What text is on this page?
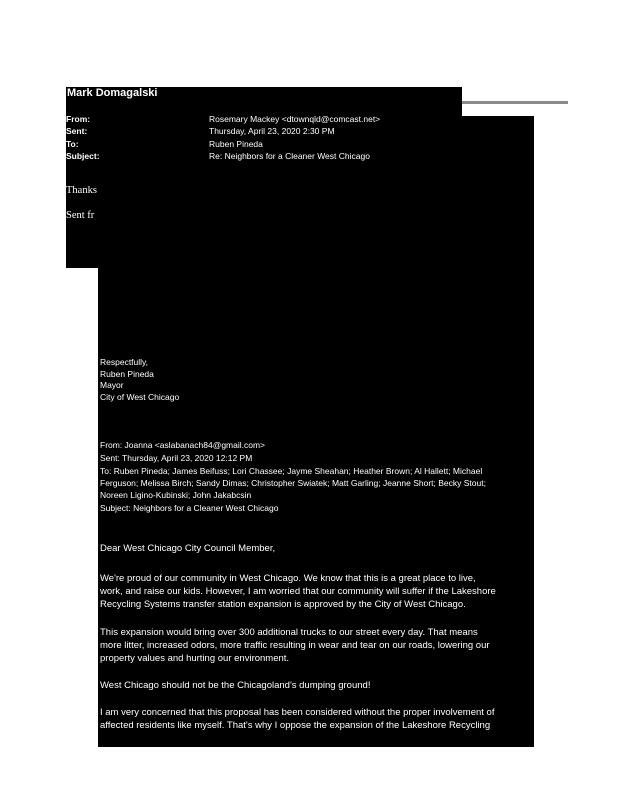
Mark Domagalski
From:	Rosemary Mackey <dtownqld@comcast.net>
Sent:	Thursday, April 23, 2020 2:30 PM
To:	Ruben Pineda
Subject:	Re: Neighbors for a Cleaner West Chicago
Thanks
Sent fr
Respectfully,
Ruben Pineda
Mayor
City of West Chicago
From: Joanna <aslabanach84@gmail.com>
Sent: Thursday, April 23, 2020 12:12 PM
To: Ruben Pineda; James Beifuss; Lori Chassee; Jayme Sheahan; Heather Brown; Al Hallett; Michael
Ferguson; Melissa Birch; Sandy Dimas; Christopher Swiatek; Matt Garling; Jeanne Short; Becky Stout;
Noreen Ligino-Kubinski; John Jakabcsin
Subject: Neighbors for a Cleaner West Chicago
Dear West Chicago City Council Member,
We're proud of our community in West Chicago. We know that this is a great place to live,
work, and raise our kids. However, I am worried that our community will suffer if the Lakeshore
Recycling Systems transfer station expansion is approved by the City of West Chicago.
This expansion would bring over 300 additional trucks to our street every day. That means
more litter, increased odors, more traffic resulting in wear and tear on our roads, lowering our
property values and hurting our environment.
West Chicago should not be the Chicagoland's dumping ground!
I am very concerned that this proposal has been considered without the proper involvement of
affected residents like myself. That's why I oppose the expansion of the Lakeshore Recycling
38
